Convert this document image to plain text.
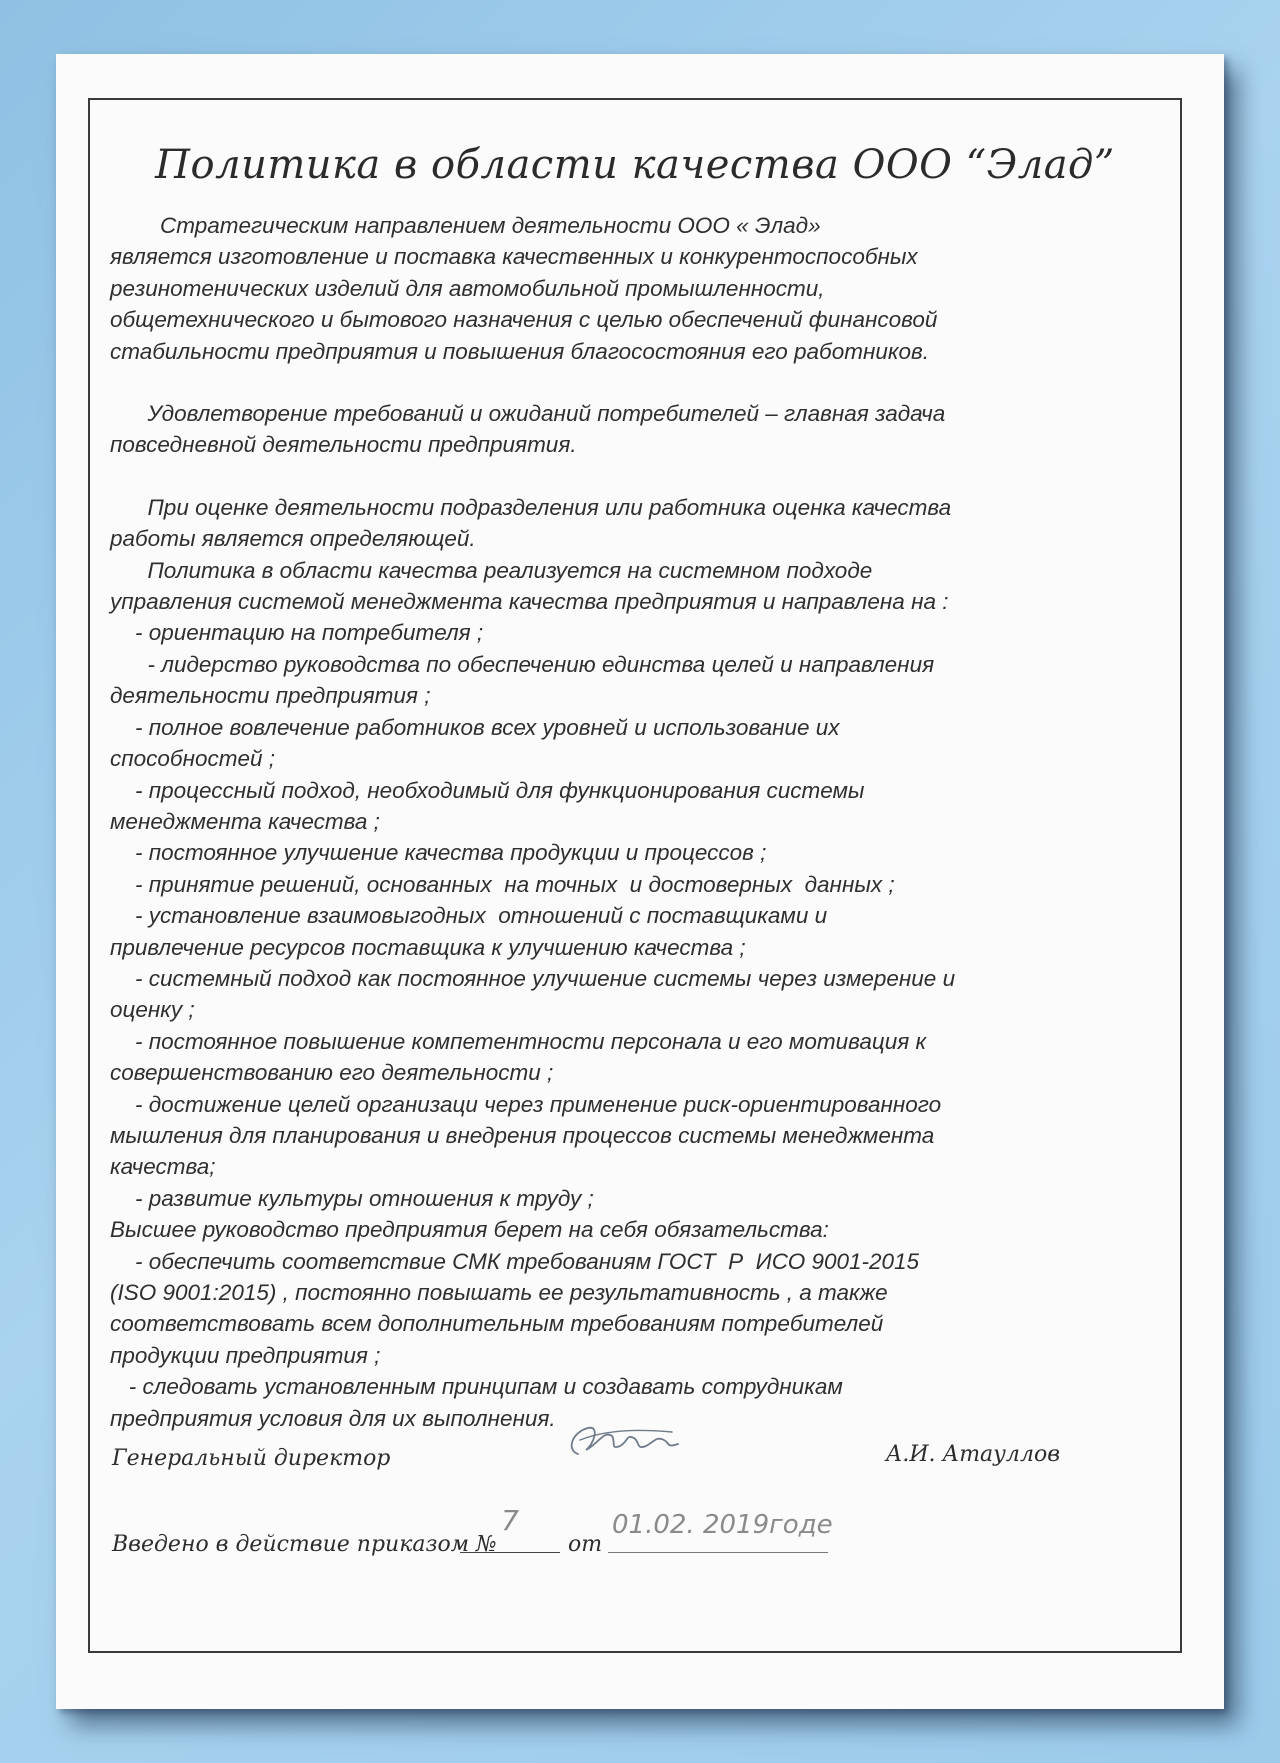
Политика в области качества ООО “Элад”
Стратегическим направлением деятельности ООО « Элад»
является изготовление и поставка качественных и конкурентоспособных
резинотенических изделий для автомобильной промышленности,
общетехнического и бытового назначения с целью обеспечений финансовой
стабильности предприятия и повышения благосостояния его работников.
Удовлетворение требований и ожиданий потребителей – главная задача
повседневной деятельности предприятия.
При оценке деятельности подразделения или работника оценка качества
работы является определяющей.
Политика в области качества реализуется на системном подходе
управления системой менеджмента качества предприятия и направлена на :
- ориентацию на потребителя ;
- лидерство руководства по обеспечению единства целей и направления
деятельности предприятия ;
- полное вовлечение работников всех уровней и использование их
способностей ;
- процессный подход, необходимый для функционирования системы
менеджмента качества ;
- постоянное улучшение качества продукции и процессов ;
- принятие решений, основанных  на точных  и достоверных  данных ;
- установление взаимовыгодных  отношений с поставщиками и
привлечение ресурсов поставщика к улучшению качества ;
- системный подход как постоянное улучшение системы через измерение и
оценку ;
- постоянное повышение компетентности персонала и его мотивация к
совершенствованию его деятельности ;
- достижение целей организаци через применение риск-ориентированного
мышления для планирования и внедрения процессов системы менеджмента
качества;
- развитие культуры отношения к труду ;
Высшее руководство предприятия берет на себя обязательства:
- обеспечить соответствие СМК требованиям ГОСТ  Р  ИСО 9001-2015
(ISO 9001:2015) , постоянно повышать ее результативность , а также
соответствовать всем дополнительным требованиям потребителей
продукции предприятия ;
- следовать установленным принципам и создавать сотрудникам
предприятия условия для их выполнения.
Генеральный директор	А.И. Атауллов
Введено в действие приказом №
7
от
01.02. 2019годе
